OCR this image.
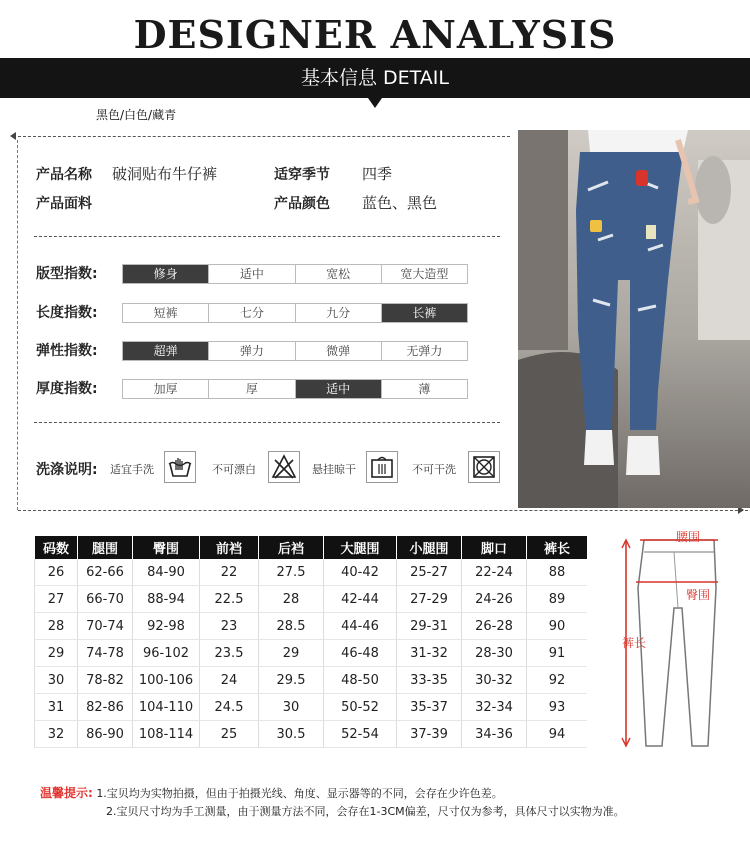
DESIGNER ANALYSIS
基本信息 DETAIL
黑色/白色/藏青
产品名称 破洞贴布牛仔裤	适穿季节 四季
产品面料	产品颜色 蓝色、黑色
版型指数:	修身	适中	宽松	宽大造型
长度指数:	短裤	七分	九分	长裤
弹性指数:	超弹	弹力	微弹	无弹力
厚度指数:	加厚	厚	适中	薄
洗涤说明: 适宜手洗	不可漂白	悬挂晾干	不可干洗
码数	腿围	臀围	前裆	后裆	大腿围	小腿围	脚口	裤长
26	62-66	84-90	22	27.5	40-42	25-27	22-24	88
27	66-70	88-94	22.5	28	42-44	27-29	24-26	89
28	70-74	92-98	23	28.5	44-46	29-31	26-28	90
29	74-78	96-102	23.5	29	46-48	31-32	28-30	91
30	78-82	100-106	24	29.5	48-50	33-35	30-32	92
31	82-86	104-110	24.5	30	50-52	35-37	32-34	93
32	86-90	108-114	25	30.5	52-54	37-39	34-36	94
腰围
臀围
裤长
温馨提示: 1.宝贝均为实物拍摄，但由于拍摄光线、角度、显示器等的不同，会存在少许色差。
2.宝贝尺寸均为手工测量，由于测量方法不同，会存在1-3CM偏差，尺寸仅为参考，具体尺寸以实物为准。
